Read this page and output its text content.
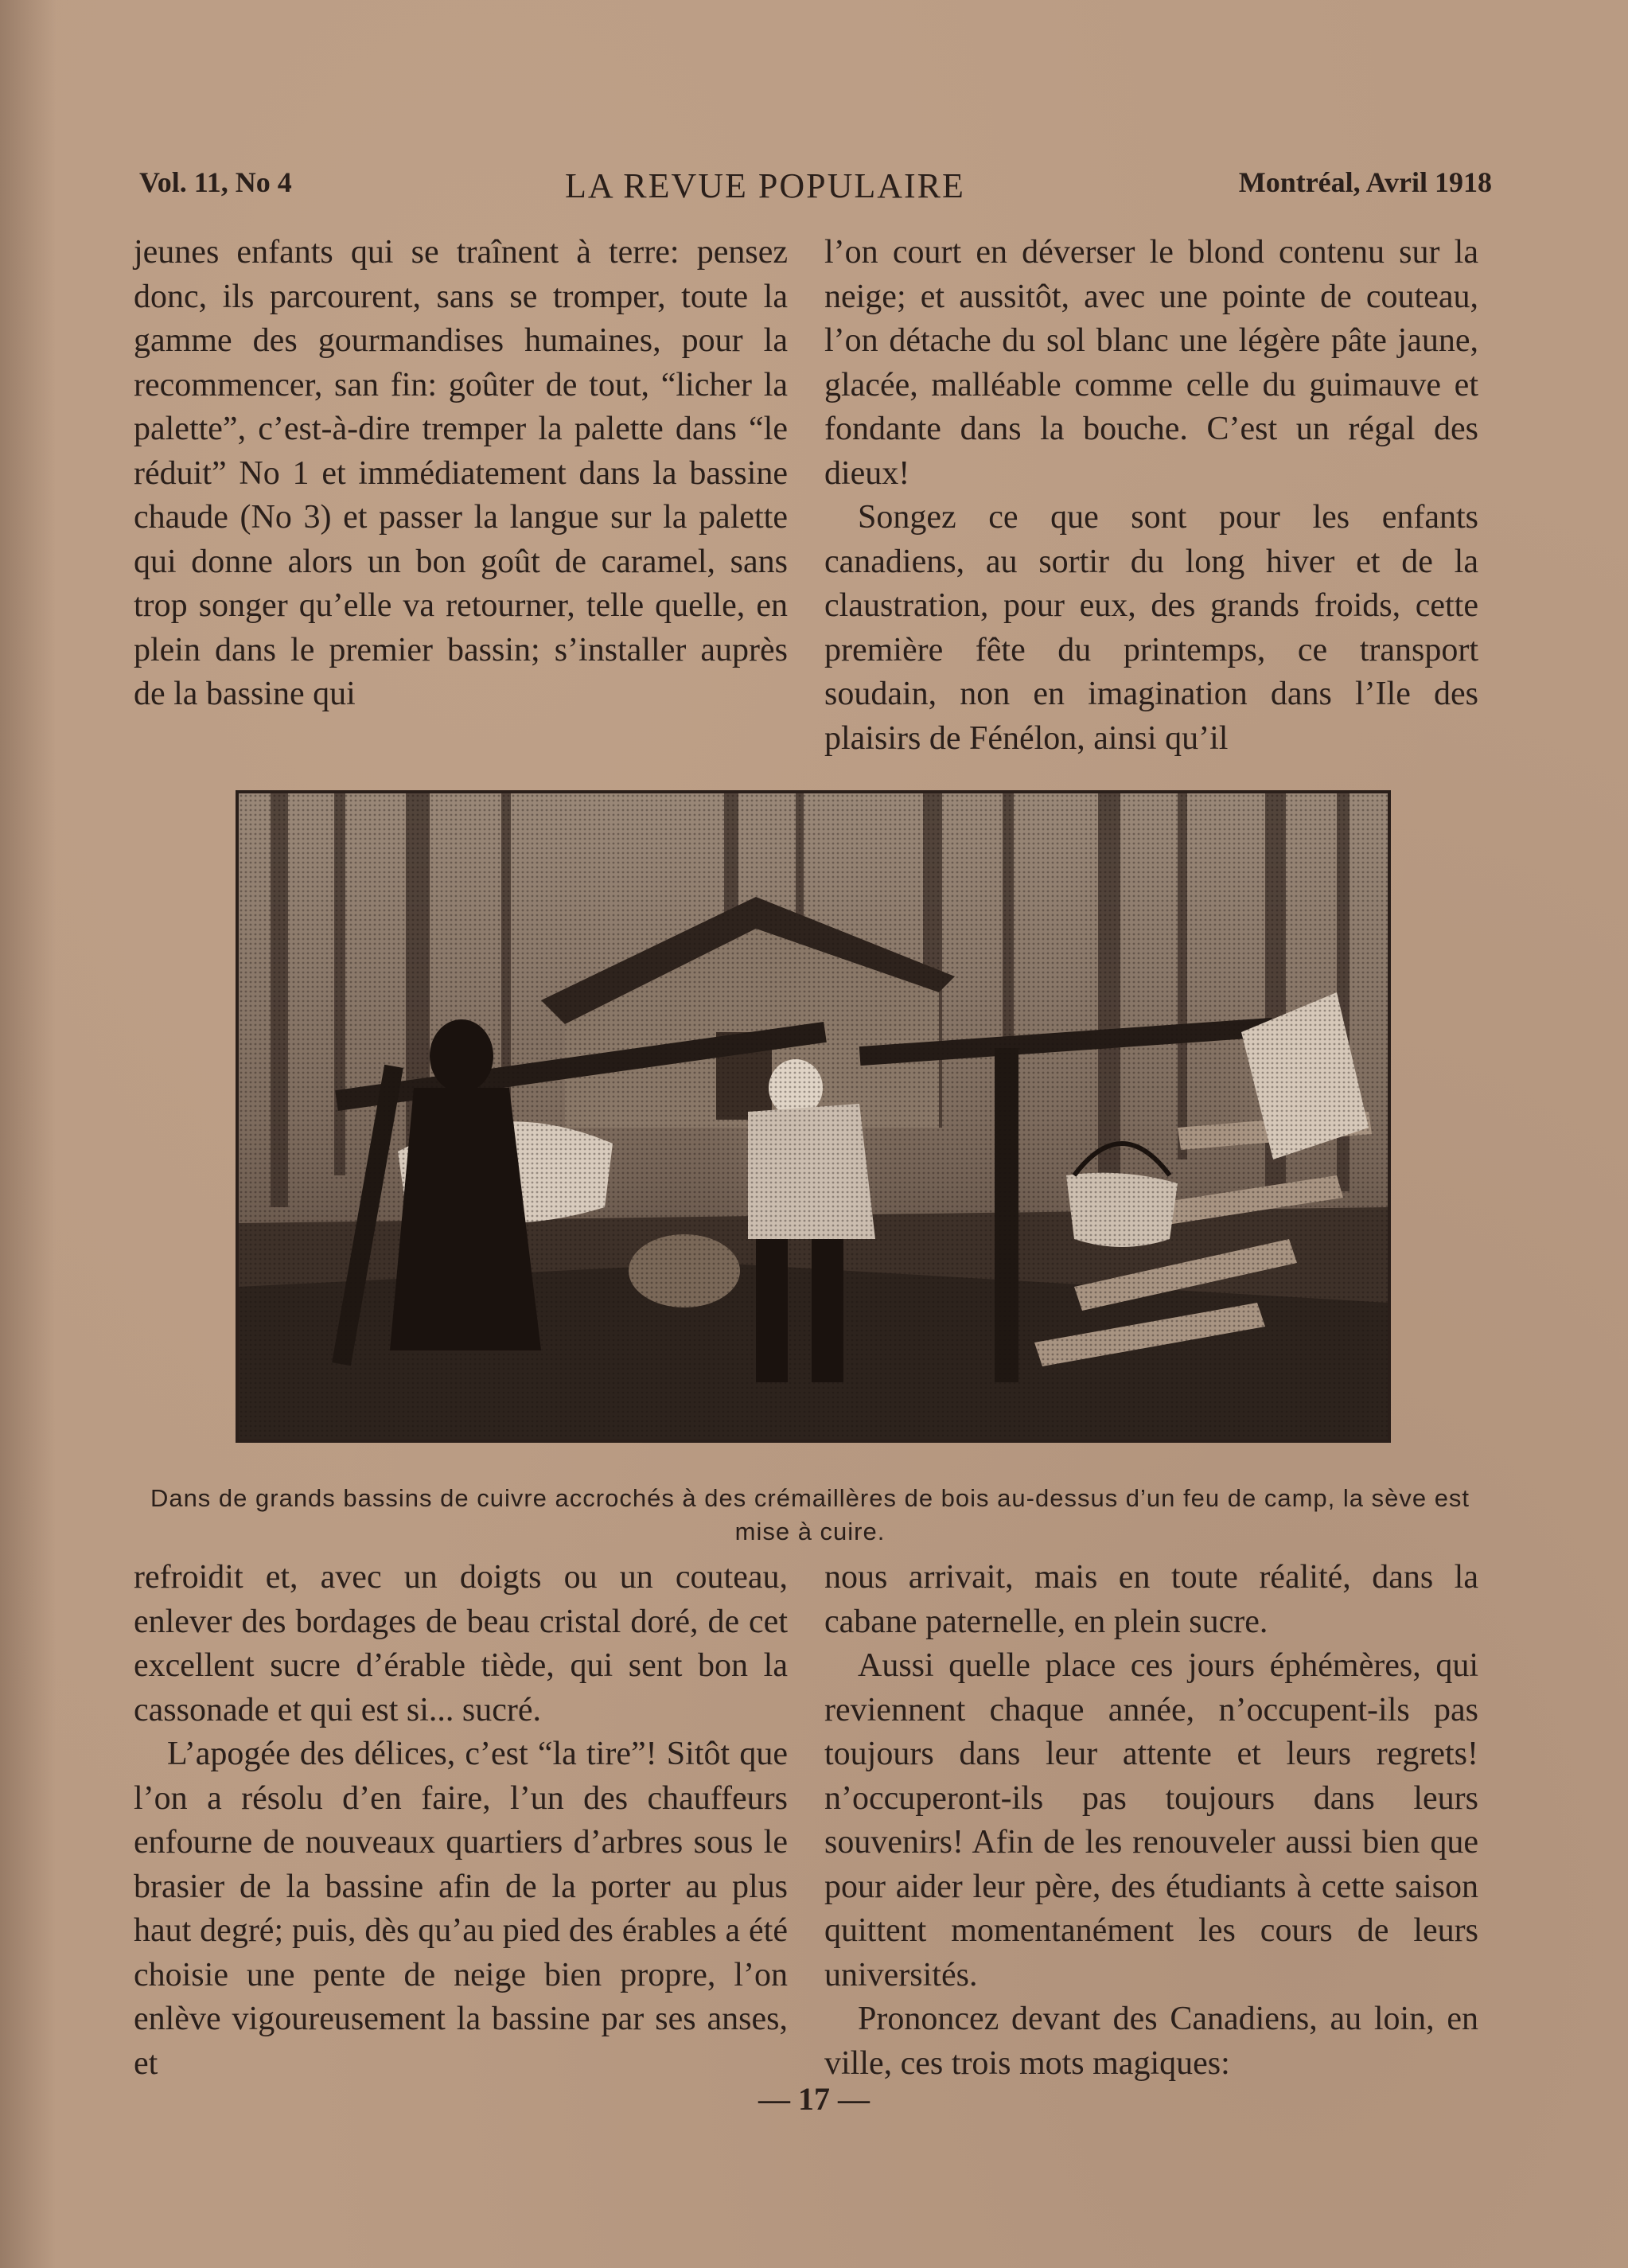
Vol. 11, No 4	LA REVUE POPULAIRE	Montréal, Avril 1918

jeunes enfants qui se traînent à terre: pensez donc, ils parcourent, sans se tromper, toute la gamme des gourmandises humaines, pour la recommencer, san fin: goûter de tout, “licher la palette”, c’est-à-dire tremper la palette dans “le réduit” No 1 et immédiatement dans la bassine chaude (No 3) et passer la langue sur la palette qui donne alors un bon goût de caramel, sans trop songer qu’elle va retourner, telle quelle, en plein dans le premier bassin; s’installer auprès de la bassine qui

l’on court en déverser le blond contenu sur la neige; et aussitôt, avec une pointe de couteau, l’on détache du sol blanc une légère pâte jaune, glacée, malléable comme celle du guimauve et fondante dans la bouche. C’est un régal des dieux!

Songez ce que sont pour les enfants canadiens, au sortir du long hiver et de la claustration, pour eux, des grands froids, cette première fête du printemps, ce transport soudain, non en imagination dans l’Ile des plaisirs de Fénélon, ainsi qu’il

Dans de grands bassins de cuivre accrochés à des crémaillères de bois au-dessus d’un feu de camp, la sève est mise à cuire.

refroidit et, avec un doigts ou un couteau, enlever des bordages de beau cristal doré, de cet excellent sucre d’érable tiède, qui sent bon la cassonade et qui est si... sucré.

L’apogée des délices, c’est “la tire”! Sitôt que l’on a résolu d’en faire, l’un des chauffeurs enfourne de nouveaux quartiers d’arbres sous le brasier de la bassine afin de la porter au plus haut degré; puis, dès qu’au pied des érables a été choisie une pente de neige bien propre, l’on enlève vigoureusement la bassine par ses anses, et

nous arrivait, mais en toute réalité, dans la cabane paternelle, en plein sucre.

Aussi quelle place ces jours éphémères, qui reviennent chaque année, n’occupent-ils pas toujours dans leur attente et leurs regrets! n’occuperont-ils pas toujours dans leurs souvenirs! Afin de les renouveler aussi bien que pour aider leur père, des étudiants à cette saison quittent momentanément les cours de leurs universités.

Prononcez devant des Canadiens, au loin, en ville, ces trois mots magiques:

— 17 —
